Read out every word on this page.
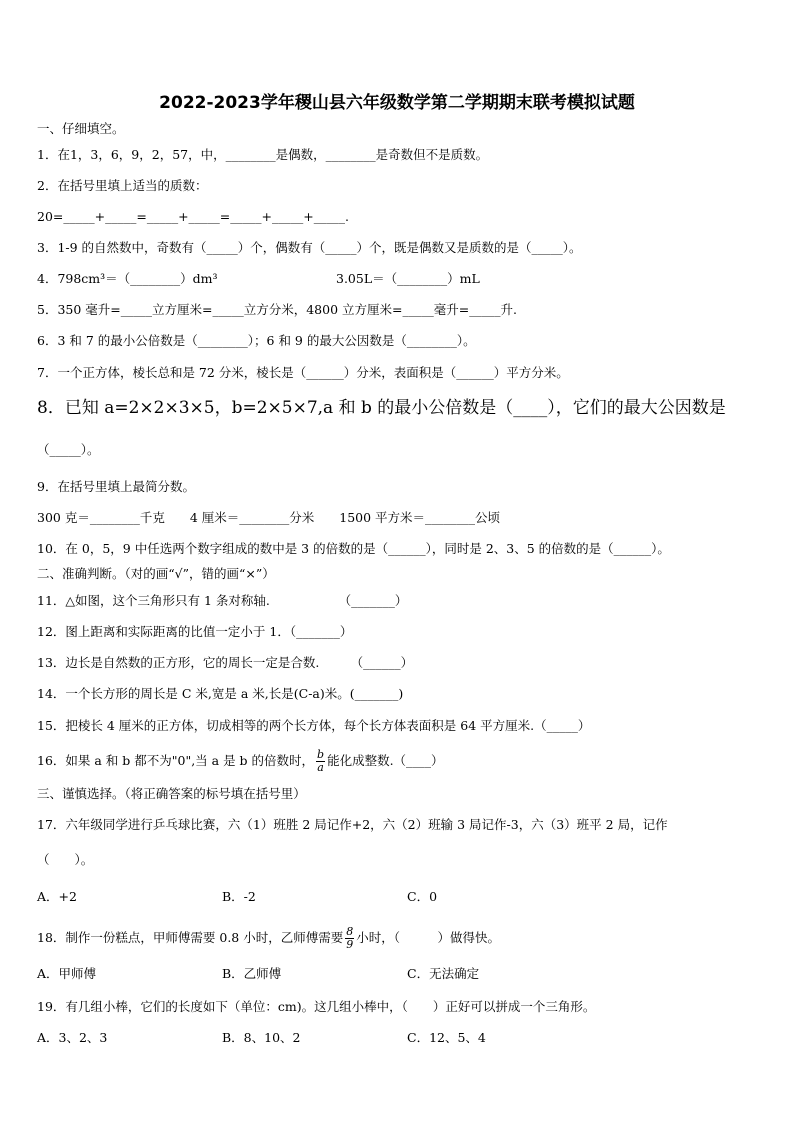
2022-2023学年稷山县六年级数学第二学期期末联考模拟试题
一、仔细填空。
1．在1，3，6，9，2，57，中，________是偶数，________是奇数但不是质数。
2．在括号里填上适当的质数：
20=_____+_____=_____+_____=_____+_____+_____.
3．1-9 的自然数中，奇数有（_____）个，偶数有（_____）个，既是偶数又是质数的是（_____）。
4．798cm³＝（________）dm³	3.05L＝（________）mL
5．350 毫升=_____立方厘米=_____立方分米，4800 立方厘米=_____毫升=_____升.
6．3 和 7 的最小公倍数是（________）；6 和 9 的最大公因数是（________）。
7．一个正方体，棱长总和是 72 分米，棱长是（______）分米，表面积是（______）平方分米。
8．已知 a=2×2×3×5，b=2×5×7,a 和 b 的最小公倍数是（____），它们的最大公因数是
（_____）。
9．在括号里填上最简分数。
300 克＝________千克　　4 厘米＝________分米　　1500 平方米＝________公顷
10．在 0，5，9 中任选两个数字组成的数中是 3 的倍数的是（______），同时是 2、3、5 的倍数的是（______）。
二、准确判断。（对的画“√”，错的画“×”）
11．△如图，这个三角形只有 1 条对称轴.　　　　　　（_______）
12．图上距离和实际距离的比值一定小于 1．（_______）
13．边长是自然数的正方形，它的周长一定是合数.　　　（______）
14．一个长方形的周长是 C 米,宽是 a 米,长是(C-a)米。(_______)
15．把棱长 4 厘米的正方体，切成相等的两个长方体，每个长方体表面积是 64 平方厘米.（_____）
16．如果 a 和 b 都不为"0",当 a 是 b 的倍数时， $\frac{b}{a}$ 能化成整数.（____）
三、谨慎选择。（将正确答案的标号填在括号里）
17．六年级同学进行乒乓球比赛，六（1）班胜 2 局记作+2，六（2）班输 3 局记作-3，六（3）班平 2 局，记作
（　　）。
A．+2	B．-2	C．0
18．制作一份糕点，甲师傅需要 0.8 小时，乙师傅需要 $\frac{8}{9}$ 小时，（　　　）做得快。
A．甲师傅	B．乙师傅	C．无法确定
19．有几组小棒，它们的长度如下（单位：cm)。这几组小棒中，（　　）正好可以拼成一个三角形。
A．3、2、3	B．8、10、2	C．12、5、4
